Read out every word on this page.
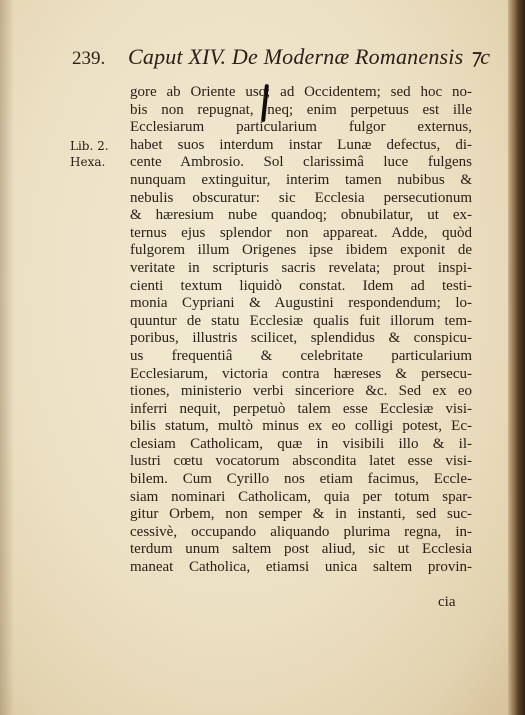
239. Caput XIV. De Modernæ Romanensis ⁊c
Lib. 2.
Hexa.
gore ab Oriente usq; ad Occidentem; sed hoc no-
bis non repugnat, neq; enim perpetuus est ille
Ecclesiarum particularium fulgor externus,
habet suos interdum instar Lunæ defectus, di-
cente Ambrosio. Sol clarissimâ luce fulgens
nunquam extinguitur, interim tamen nubibus &
nebulis obscuratur: sic Ecclesia persecutionum
& hæresium nube quandoq; obnubilatur, ut ex-
ternus ejus splendor non appareat. Adde, quòd
fulgorem illum Origenes ipse ibidem exponit de
veritate in scripturis sacris revelata; prout inspi-
cienti textum liquidò constat. Idem ad testi-
monia Cypriani & Augustini respondendum; lo-
quuntur de statu Ecclesiæ qualis fuit illorum tem-
poribus, illustris scilicet, splendidus & conspicu-
us frequentiâ & celebritate particularium
Ecclesiarum, victoria contra hæreses & persecu-
tiones, ministerio verbi sinceriore &c. Sed ex eo
inferri nequit, perpetuò talem esse Ecclesiæ visi-
bilis statum, multò minus ex eo colligi potest, Ec-
clesiam Catholicam, quæ in visibili illo & il-
lustri cœtu vocatorum abscondita latet esse visi-
bilem. Cum Cyrillo nos etiam facimus, Eccle-
siam nominari Catholicam, quia per totum spar-
gitur Orbem, non semper & in instanti, sed suc-
cessivè, occupando aliquando plurima regna, in-
terdum unum saltem post aliud, sic ut Ecclesia
maneat Catholica, etiamsi unica saltem provin-
cia
